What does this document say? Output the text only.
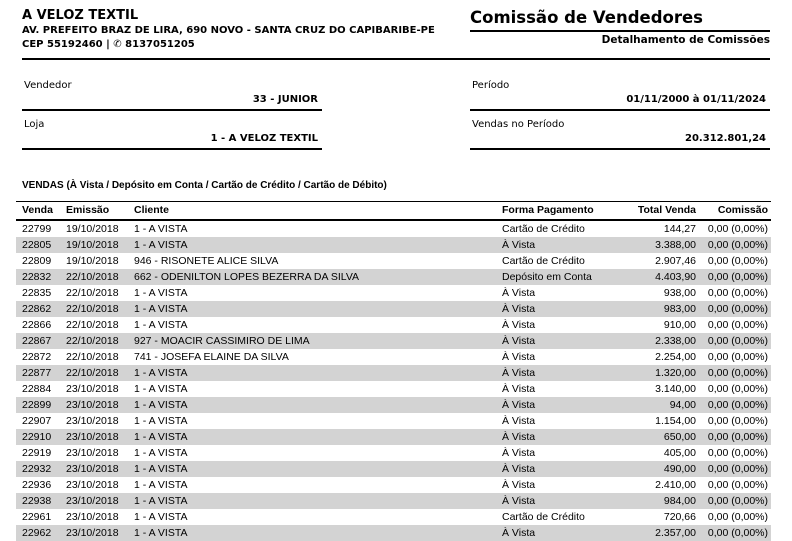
A VELOZ TEXTIL
AV. PREFEITO BRAZ DE LIRA, 690 NOVO - SANTA CRUZ DO CAPIBARIBE-PE
CEP 55192460 | ✆ 8137051205
Comissão de Vendedores
Detalhamento de Comissões
Vendedor
33 - JUNIOR
Loja
1 - A VELOZ TEXTIL
Período
01/11/2000 à 01/11/2024
Vendas no Período
20.312.801,24
VENDAS (À Vista / Depósito em Conta / Cartão de Crédito / Cartão de Débito)
Venda	Emissão	Cliente	Forma Pagamento	Total Venda	Comissão
22799	19/10/2018	1 - A VISTA	Cartão de Crédito	144,27	0,00 (0,00%)
22805	19/10/2018	1 - A VISTA	À Vista	3.388,00	0,00 (0,00%)
22809	19/10/2018	946 - RISONETE ALICE SILVA	Cartão de Crédito	2.907,46	0,00 (0,00%)
22832	22/10/2018	662 - ODENILTON LOPES BEZERRA DA SILVA	Depósito em Conta	4.403,90	0,00 (0,00%)
22835	22/10/2018	1 - A VISTA	À Vista	938,00	0,00 (0,00%)
22862	22/10/2018	1 - A VISTA	À Vista	983,00	0,00 (0,00%)
22866	22/10/2018	1 - A VISTA	À Vista	910,00	0,00 (0,00%)
22867	22/10/2018	927 - MOACIR CASSIMIRO DE LIMA	À Vista	2.338,00	0,00 (0,00%)
22872	22/10/2018	741 - JOSEFA ELAINE DA SILVA	À Vista	2.254,00	0,00 (0,00%)
22877	22/10/2018	1 - A VISTA	À Vista	1.320,00	0,00 (0,00%)
22884	23/10/2018	1 - A VISTA	À Vista	3.140,00	0,00 (0,00%)
22899	23/10/2018	1 - A VISTA	À Vista	94,00	0,00 (0,00%)
22907	23/10/2018	1 - A VISTA	À Vista	1.154,00	0,00 (0,00%)
22910	23/10/2018	1 - A VISTA	À Vista	650,00	0,00 (0,00%)
22919	23/10/2018	1 - A VISTA	À Vista	405,00	0,00 (0,00%)
22932	23/10/2018	1 - A VISTA	À Vista	490,00	0,00 (0,00%)
22936	23/10/2018	1 - A VISTA	À Vista	2.410,00	0,00 (0,00%)
22938	23/10/2018	1 - A VISTA	À Vista	984,00	0,00 (0,00%)
22961	23/10/2018	1 - A VISTA	Cartão de Crédito	720,66	0,00 (0,00%)
22962	23/10/2018	1 - A VISTA	À Vista	2.357,00	0,00 (0,00%)
